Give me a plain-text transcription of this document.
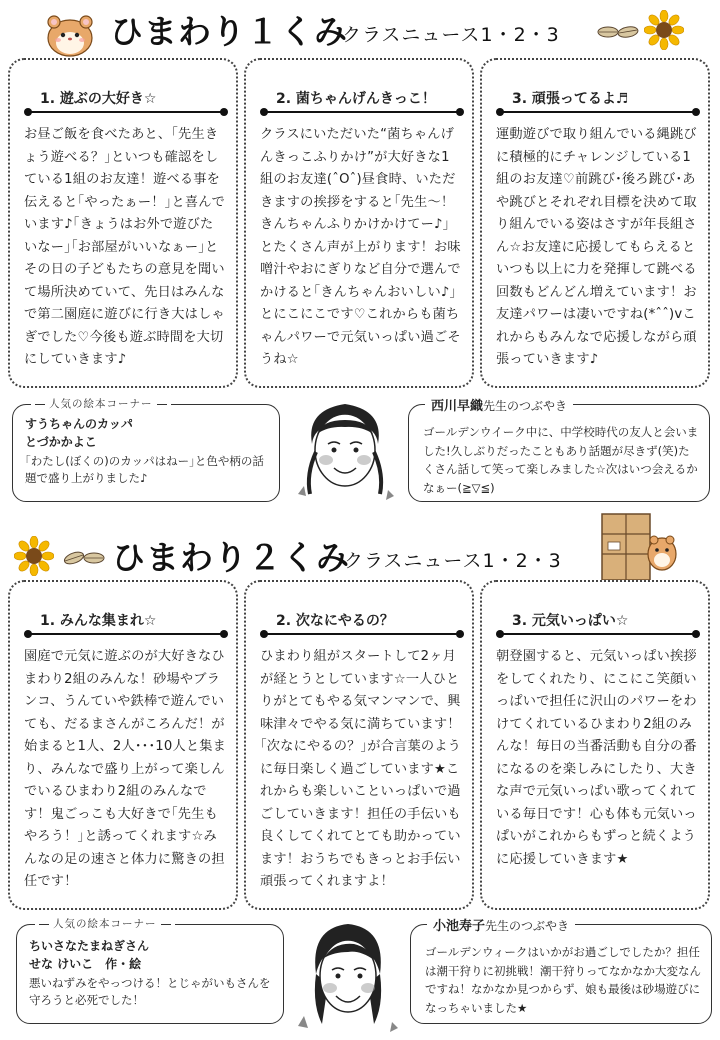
ひまわり１くみ
クラスニュース1・2・3
1. 遊ぶの大好き☆
お昼ご飯を食べたあと、｢先生きょう遊べる？｣といつも確認をしている1組のお友達！遊べる事を伝えると｢やったぁー！｣と喜んでいます♪｢きょうはお外で遊びたいなー｣｢お部屋がいいなぁー｣とその日の子どもたちの意見を聞いて場所決めていて、先日はみんなで第二園庭に遊びに行き大はしゃぎでした♡今後も遊ぶ時間を大切にしていきます♪
2. 菌ちゃんげんきっこ！
クラスにいただいた“菌ちゃんげんきっこふりかけ”が大好きな1組のお友達(ˆOˆ)昼食時、いただきますの挨拶をすると｢先生～！きんちゃんふりかけかけてー♪｣とたくさん声が上がります！お味噌汁やおにぎりなど自分で選んでかけると｢きんちゃんおいしい♪｣とにこにこです♡これからも菌ちゃんパワーで元気いっぱい過ごそうね☆
3. 頑張ってるよ♬
運動遊びで取り組んでいる縄跳びに積極的にチャレンジしている1組のお友達♡前跳び･後ろ跳び･あや跳びとそれぞれ目標を決めて取り組んでいる姿はさすが年長組さん☆お友達に応援してもらえるといつも以上に力を発揮して跳べる回数もどんどん増えています！お友達パワーは凄いですね(*ˆˆ)vこれからもみんなで応援しながら頑張っていきます♪
人気の絵本コーナー
すうちゃんのカッパ
とづかかよこ
｢わたし(ぼくの)のカッパはねー｣と色や柄の話題で盛り上がりました♪
西川早織先生のつぶやき
ゴールデンウイーク中に、中学校時代の友人と会いました!久しぶりだったこともあり話題が尽きず(笑)たくさん話して笑って楽しみました☆次はいつ会えるかなぁー(≧▽≦)
ひまわり２くみ
クラスニュース1・2・3
1. みんな集まれ☆
園庭で元気に遊ぶのが大好きなひまわり2組のみんな！砂場やブランコ、うんていや鉄棒で遊んでいても、だるまさんがころんだ！が始まると1人、2人･･･10人と集まり、みんなで盛り上がって楽しんでいるひまわり2組のみんなです！鬼ごっこも大好きで｢先生もやろう！｣と誘ってくれます☆みんなの足の速さと体力に驚きの担任です！
2. 次なにやるの？
ひまわり組がスタートして2ヶ月が経とうとしています☆一人ひとりがとてもやる気マンマンで、興味津々でやる気に満ちています！｢次なにやるの？｣が合言葉のように毎日楽しく過ごしています★これからも楽しいこといっぱいで過ごしていきます！担任の手伝いも良くしてくれてとても助かっています！おうちでもきっとお手伝い頑張ってくれますよ！
3. 元気いっぱい☆
朝登園すると、元気いっぱい挨拶をしてくれたり、にこにこ笑顔いっぱいで担任に沢山のパワーをわけてくれているひまわり2組のみんな！毎日の当番活動も自分の番になるのを楽しみにしたり、大きな声で元気いっぱい歌ってくれている毎日です！心も体も元気いっぱいがこれからもずっと続くように応援していきます★
人気の絵本コーナー
ちいさなたまねぎさん
せな けいこ　作・絵
悪いねずみをやっつける！とじゃがいもさんを守ろうと必死でした！
小池寿子先生のつぶやき
ゴールデンウィークはいかがお過ごしでしたか？担任は潮干狩りに初挑戦！潮干狩りってなかなか大変なんですね！なかなか見つからず、娘も最後は砂場遊びになっちゃいました★
